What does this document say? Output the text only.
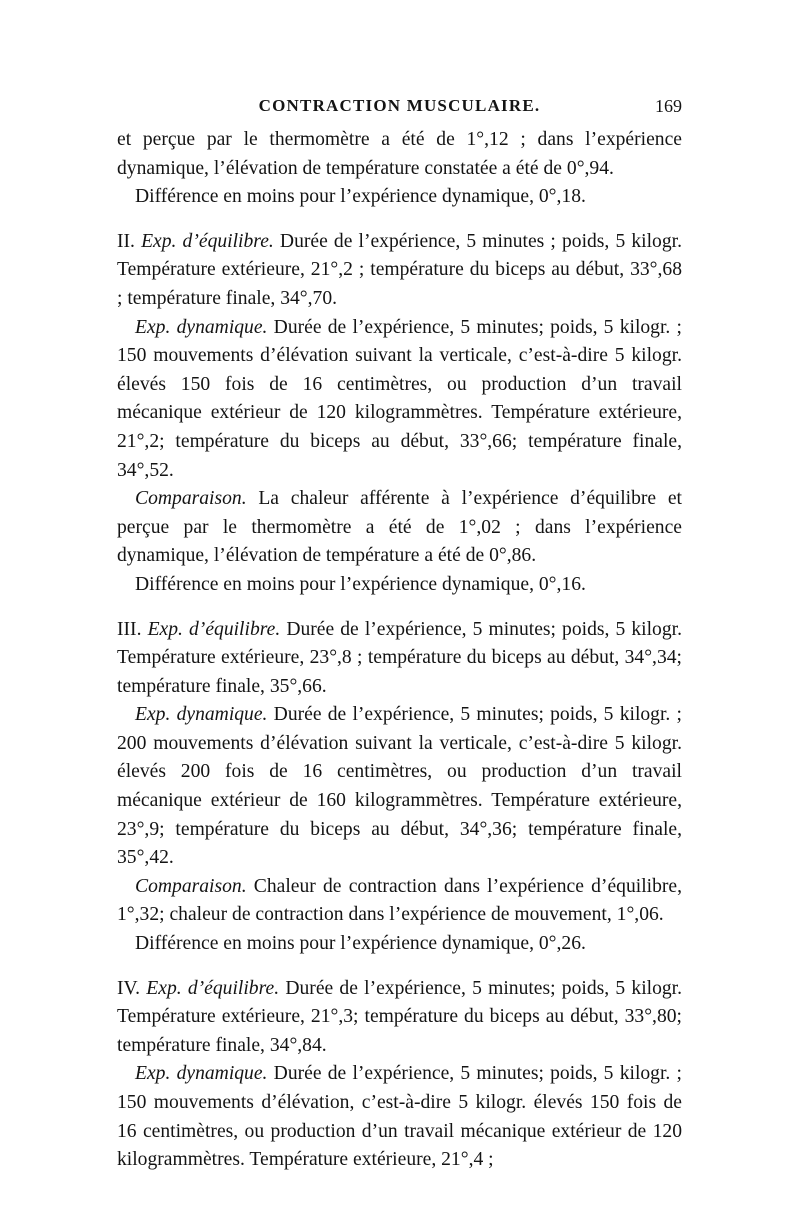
CONTRACTION MUSCULAIRE.	169

et perçue par le thermomètre a été de 1°,12 ; dans l’expérience dynamique, l’élévation de température constatée a été de 0°,94.

Différence en moins pour l’expérience dynamique, 0°,18.

II. Exp. d’équilibre. Durée de l’expérience, 5 minutes ; poids, 5 kilogr. Température extérieure, 21°,2 ; température du biceps au début, 33°,68 ; température finale, 34°,70.

Exp. dynamique. Durée de l’expérience, 5 minutes; poids, 5 kilogr. ; 150 mouvements d’élévation suivant la verticale, c’est-à-dire 5 kilogr. élevés 150 fois de 16 centimètres, ou production d’un travail mécanique extérieur de 120 kilogrammètres. Température extérieure, 21°,2; température du biceps au début, 33°,66; température finale, 34°,52.

Comparaison. La chaleur afférente à l’expérience d’équilibre et perçue par le thermomètre a été de 1°,02 ; dans l’expérience dynamique, l’élévation de température a été de 0°,86.

Différence en moins pour l’expérience dynamique, 0°,16.

III. Exp. d’équilibre. Durée de l’expérience, 5 minutes; poids, 5 kilogr. Température extérieure, 23°,8 ; température du biceps au début, 34°,34; température finale, 35°,66.

Exp. dynamique. Durée de l’expérience, 5 minutes; poids, 5 kilogr. ; 200 mouvements d’élévation suivant la verticale, c’est-à-dire 5 kilogr. élevés 200 fois de 16 centimètres, ou production d’un travail mécanique extérieur de 160 kilogrammètres. Température extérieure, 23°,9; température du biceps au début, 34°,36; température finale, 35°,42.

Comparaison. Chaleur de contraction dans l’expérience d’équilibre, 1°,32; chaleur de contraction dans l’expérience de mouvement, 1°,06.

Différence en moins pour l’expérience dynamique, 0°,26.

IV. Exp. d’équilibre. Durée de l’expérience, 5 minutes; poids, 5 kilogr. Température extérieure, 21°,3; température du biceps au début, 33°,80; température finale, 34°,84.

Exp. dynamique. Durée de l’expérience, 5 minutes; poids, 5 kilogr. ; 150 mouvements d’élévation, c’est-à-dire 5 kilogr. élevés 150 fois de 16 centimètres, ou production d’un travail mécanique extérieur de 120 kilogrammètres. Température extérieure, 21°,4 ;
